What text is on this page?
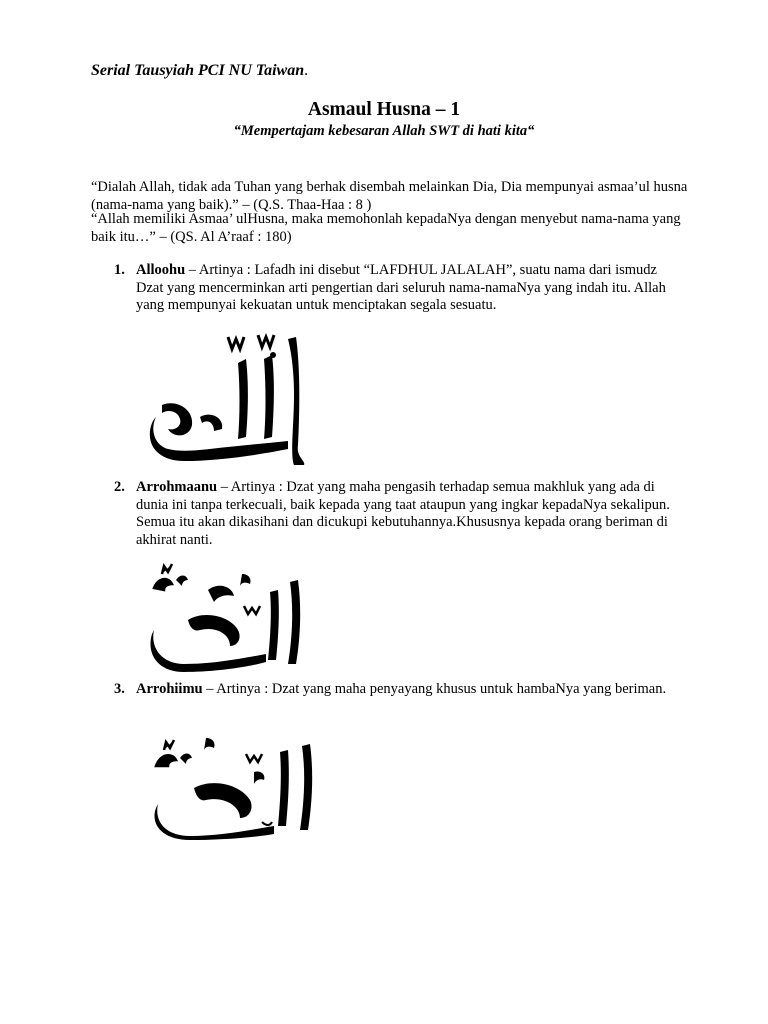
Serial Tausyiah PCI NU Taiwan.
Asmaul Husna – 1
“Mempertajam kebesaran Allah SWT di hati kita“
“Dialah Allah, tidak ada Tuhan yang berhak disembah melainkan Dia, Dia mempunyai asmaa’ul husna (nama-nama yang baik).” – (Q.S. Thaa-Haa : 8 )
“Allah memiliki Asmaa’ ulHusna, maka memohonlah kepadaNya dengan menyebut nama-nama yang baik itu…” – (QS. Al A’raaf : 180)
1. Alloohu – Artinya : Lafadh ini disebut “LAFDHUL JALALAH”, suatu nama dari ismudz Dzat yang mencerminkan arti pengertian dari seluruh nama-namaNya yang indah itu. Allah yang mempunyai kekuatan untuk menciptakan segala sesuatu.
2. Arrohmaanu – Artinya : Dzat yang maha pengasih terhadap semua makhluk yang ada di dunia ini tanpa terkecuali, baik kepada yang taat ataupun yang ingkar kepadaNya sekalipun. Semua itu akan dikasihani dan dicukupi kebutuhannya.Khususnya kepada orang beriman di akhirat nanti.
3. Arrohiimu – Artinya : Dzat yang maha penyayang khusus untuk hambaNya yang beriman.
